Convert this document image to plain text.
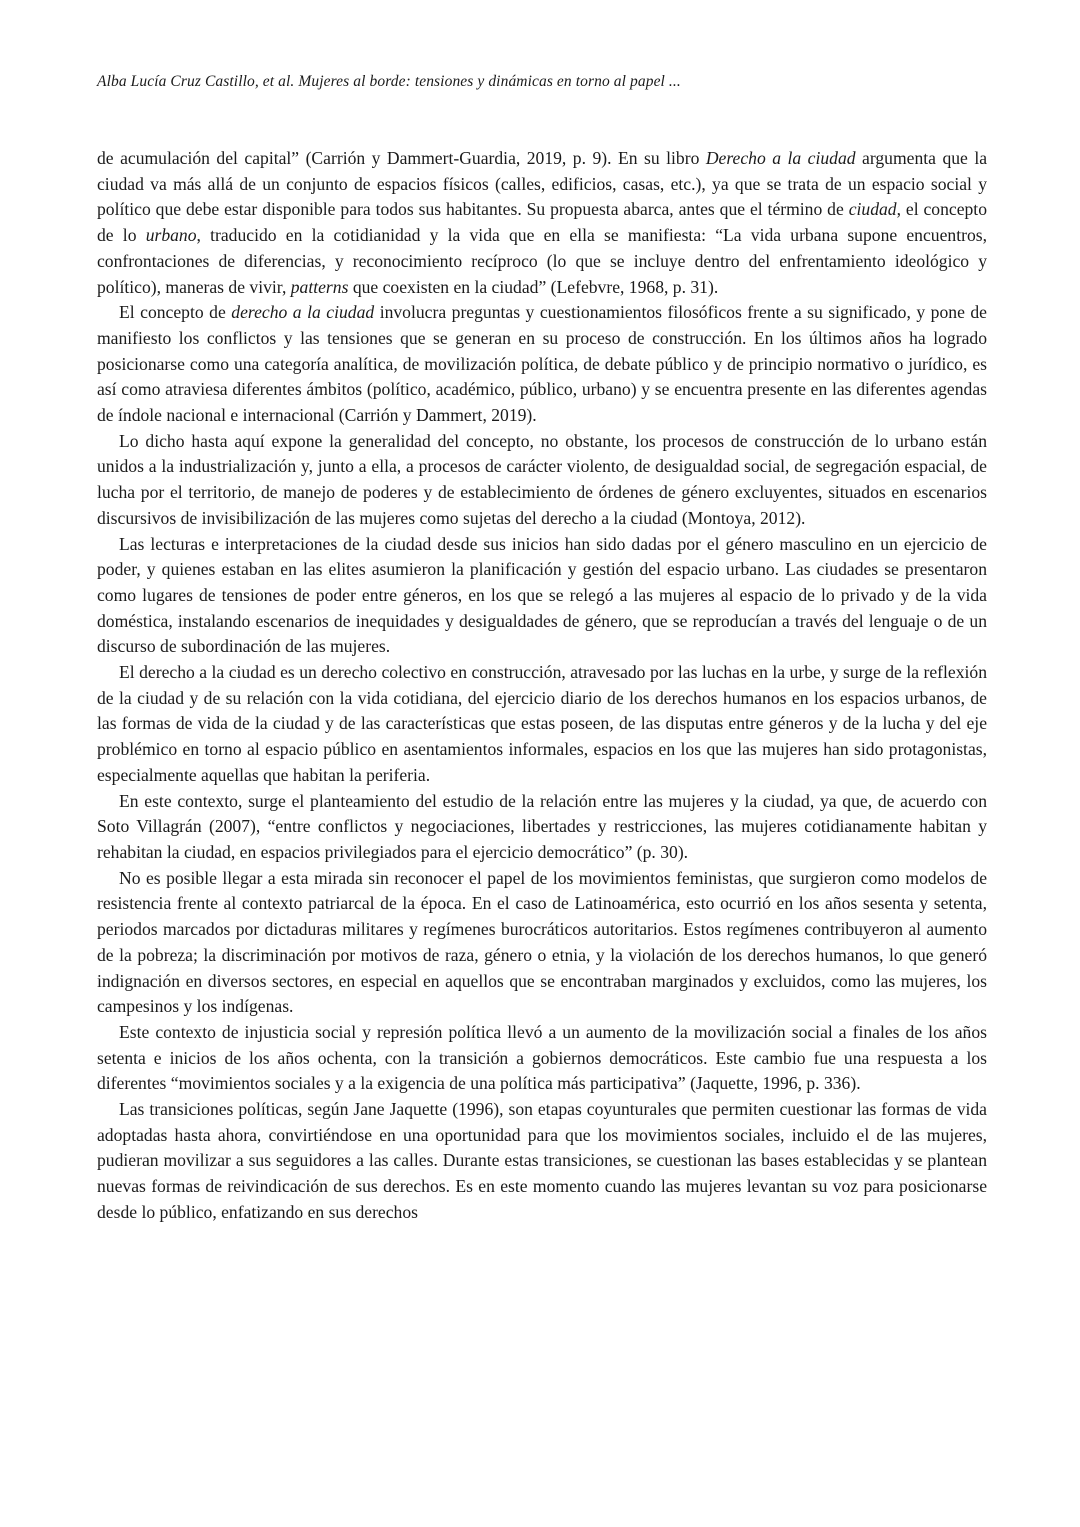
Alba Lucía Cruz Castillo, et al. Mujeres al borde: tensiones y dinámicas en torno al papel ...

de acumulación del capital” (Carrión y Dammert-Guardia, 2019, p. 9). En su libro Derecho a la ciudad argumenta que la ciudad va más allá de un conjunto de espacios físicos (calles, edificios, casas, etc.), ya que se trata de un espacio social y político que debe estar disponible para todos sus habitantes. Su propuesta abarca, antes que el término de ciudad, el concepto de lo urbano, traducido en la cotidianidad y la vida que en ella se manifiesta: “La vida urbana supone encuentros, confrontaciones de diferencias, y reconocimiento recíproco (lo que se incluye dentro del enfrentamiento ideológico y político), maneras de vivir, patterns que coexisten en la ciudad” (Lefebvre, 1968, p. 31).

El concepto de derecho a la ciudad involucra preguntas y cuestionamientos filosóficos frente a su significado, y pone de manifiesto los conflictos y las tensiones que se generan en su proceso de construcción. En los últimos años ha logrado posicionarse como una categoría analítica, de movilización política, de debate público y de principio normativo o jurídico, es así como atraviesa diferentes ámbitos (político, académico, público, urbano) y se encuentra presente en las diferentes agendas de índole nacional e internacional (Carrión y Dammert, 2019).

Lo dicho hasta aquí expone la generalidad del concepto, no obstante, los procesos de construcción de lo urbano están unidos a la industrialización y, junto a ella, a procesos de carácter violento, de desigualdad social, de segregación espacial, de lucha por el territorio, de manejo de poderes y de establecimiento de órdenes de género excluyentes, situados en escenarios discursivos de invisibilización de las mujeres como sujetas del derecho a la ciudad (Montoya, 2012).

Las lecturas e interpretaciones de la ciudad desde sus inicios han sido dadas por el género masculino en un ejercicio de poder, y quienes estaban en las elites asumieron la planificación y gestión del espacio urbano. Las ciudades se presentaron como lugares de tensiones de poder entre géneros, en los que se relegó a las mujeres al espacio de lo privado y de la vida doméstica, instalando escenarios de inequidades y desigualdades de género, que se reproducían a través del lenguaje o de un discurso de subordinación de las mujeres.

El derecho a la ciudad es un derecho colectivo en construcción, atravesado por las luchas en la urbe, y surge de la reflexión de la ciudad y de su relación con la vida cotidiana, del ejercicio diario de los derechos humanos en los espacios urbanos, de las formas de vida de la ciudad y de las características que estas poseen, de las disputas entre géneros y de la lucha y del eje problémico en torno al espacio público en asentamientos informales, espacios en los que las mujeres han sido protagonistas, especialmente aquellas que habitan la periferia.

En este contexto, surge el planteamiento del estudio de la relación entre las mujeres y la ciudad, ya que, de acuerdo con Soto Villagrán (2007), “entre conflictos y negociaciones, libertades y restricciones, las mujeres cotidianamente habitan y rehabitan la ciudad, en espacios privilegiados para el ejercicio democrático” (p. 30).

No es posible llegar a esta mirada sin reconocer el papel de los movimientos feministas, que surgieron como modelos de resistencia frente al contexto patriarcal de la época. En el caso de Latinoamérica, esto ocurrió en los años sesenta y setenta, periodos marcados por dictaduras militares y regímenes burocráticos autoritarios. Estos regímenes contribuyeron al aumento de la pobreza; la discriminación por motivos de raza, género o etnia, y la violación de los derechos humanos, lo que generó indignación en diversos sectores, en especial en aquellos que se encontraban marginados y excluidos, como las mujeres, los campesinos y los indígenas.

Este contexto de injusticia social y represión política llevó a un aumento de la movilización social a finales de los años setenta e inicios de los años ochenta, con la transición a gobiernos democráticos. Este cambio fue una respuesta a los diferentes “movimientos sociales y a la exigencia de una política más participativa” (Jaquette, 1996, p. 336).

Las transiciones políticas, según Jane Jaquette (1996), son etapas coyunturales que permiten cuestionar las formas de vida adoptadas hasta ahora, convirtiéndose en una oportunidad para que los movimientos sociales, incluido el de las mujeres, pudieran movilizar a sus seguidores a las calles. Durante estas transiciones, se cuestionan las bases establecidas y se plantean nuevas formas de reivindicación de sus derechos. Es en este momento cuando las mujeres levantan su voz para posicionarse desde lo público, enfatizando en sus derechos
